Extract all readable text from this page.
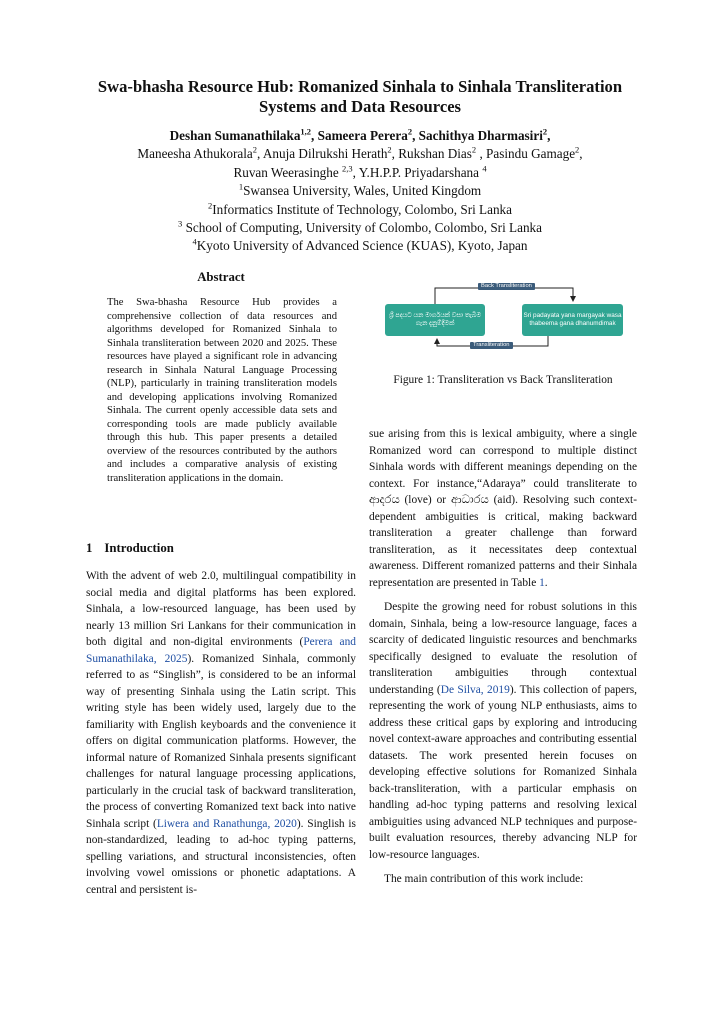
Swa-bhasha Resource Hub: Romanized Sinhala to Sinhala Transliteration
Systems and Data Resources
Deshan Sumanathilaka$^{1,2}$, Sameera Perera$^2$, Sachithya Dharmasiri$^2$,
Maneesha Athukorala$^2$, Anuja Dilrukshi Herath$^2$, Rukshan Dias$^2$ , Pasindu Gamage$^2$,
Ruvan Weerasinghe $^{2,3}$, Y.H.P.P. Priyadarshana $^4$
$^1$Swansea University, Wales, United Kingdom
$^2$Informatics Institute of Technology, Colombo, Sri Lanka
$^3$ School of Computing, University of Colombo, Colombo, Sri Lanka
$^4$Kyoto University of Advanced Science (KUAS), Kyoto, Japan
Abstract
The Swa-bhasha Resource Hub provides a comprehensive collection of data resources and algorithms developed for Romanized Sinhala to Sinhala transliteration between 2020 and 2025. These resources have played a significant role in advancing research in Sinhala Natural Language Processing (NLP), particularly in training transliteration models and developing applications involving Romanized Sinhala. The current openly accessible data sets and corresponding tools are made publicly available through this hub. This paper presents a detailed overview of the resources contributed by the authors and includes a comparative analysis of existing transliteration applications in the domain.
1 Introduction

With the advent of web 2.0, multilingual compatibility in social media and digital platforms has been explored. Sinhala, a low-resourced language, has been used by nearly 13 million Sri Lankans for their communication in both digital and non-digital environments (Perera and Sumanathilaka, 2025). Romanized Sinhala, commonly referred to as “Singlish”, is considered to be an informal way of presenting Sinhala using the Latin script. This writing style has been widely used, largely due to the familiarity with English keyboards and the convenience it offers on digital communication platforms. However, the informal nature of Romanized Sinhala presents significant challenges for natural language processing applications, particularly in the crucial task of backward transliteration, the process of converting Romanized text back into native Sinhala script (Liwera and Ranathunga, 2020). Singlish is non-standardized, leading to ad-hoc typing patterns, spelling variations, and structural inconsistencies, often involving vowel omissions or phonetic adaptations. A central and persistent is-

Back Transliteration
Transliteration
ශ්‍රී පදයට යන මාර්ගයක් වසා තැබීම ගැන දැනුම්දීමක්
Sri padayata yana margayak wasa thabeema gana dhanumdimak
Figure 1: Transliteration vs Back Transliteration

sue arising from this is lexical ambiguity, where a single Romanized word can correspond to multiple distinct Sinhala words with different meanings depending on the context. For instance,“Adaraya” could transliterate to ආදරය (love) or ආධාරය (aid). Resolving such context-dependent ambiguities is critical, making backward transliteration a greater challenge than forward transliteration, as it necessitates deep contextual awareness. Different romanized patterns and their Sinhala representation are presented in Table 1.

Despite the growing need for robust solutions in this domain, Sinhala, being a low-resource language, faces a scarcity of dedicated linguistic resources and benchmarks specifically designed to evaluate the resolution of transliteration ambiguities through contextual understanding (De Silva, 2019). This collection of papers, representing the work of young NLP enthusiasts, aims to address these critical gaps by exploring and introducing novel context-aware approaches and contributing essential datasets. The work presented herein focuses on developing effective solutions for Romanized Sinhala back-transliteration, with a particular emphasis on handling ad-hoc typing patterns and resolving lexical ambiguities using advanced NLP techniques and purpose-built evaluation resources, thereby advancing NLP for low-resource languages.

The main contribution of this work include:
